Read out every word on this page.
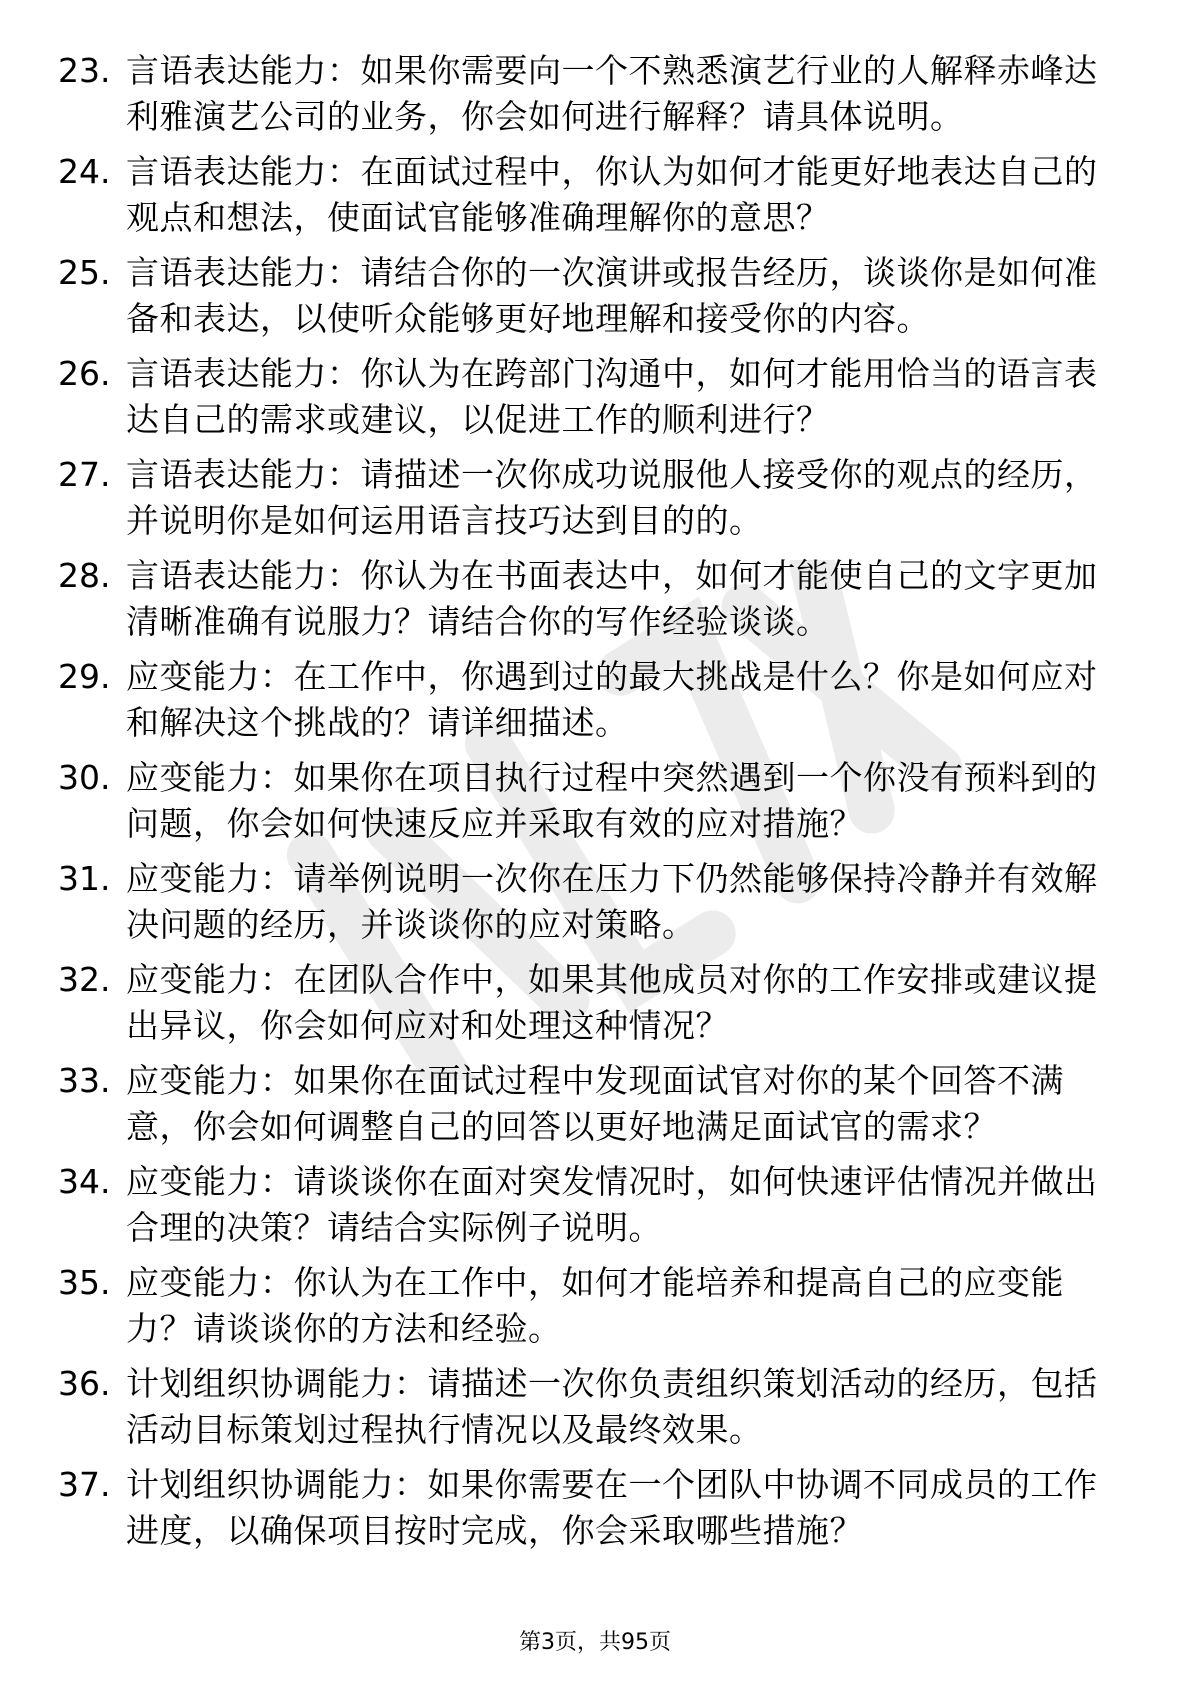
23. 言语表达能力：如果你需要向一个不熟悉演艺行业的人解释赤峰达利雅演艺公司的业务，你会如何进行解释？请具体说明。
24. 言语表达能力：在面试过程中，你认为如何才能更好地表达自己的观点和想法，使面试官能够准确理解你的意思？
25. 言语表达能力：请结合你的一次演讲或报告经历，谈谈你是如何准备和表达，以使听众能够更好地理解和接受你的内容。
26. 言语表达能力：你认为在跨部门沟通中，如何才能用恰当的语言表达自己的需求或建议，以促进工作的顺利进行？
27. 言语表达能力：请描述一次你成功说服他人接受你的观点的经历，并说明你是如何运用语言技巧达到目的的。
28. 言语表达能力：你认为在书面表达中，如何才能使自己的文字更加清晰准确有说服力？请结合你的写作经验谈谈。
29. 应变能力：在工作中，你遇到过的最大挑战是什么？你是如何应对和解决这个挑战的？请详细描述。
30. 应变能力：如果你在项目执行过程中突然遇到一个你没有预料到的问题，你会如何快速反应并采取有效的应对措施？
31. 应变能力：请举例说明一次你在压力下仍然能够保持冷静并有效解决问题的经历，并谈谈你的应对策略。
32. 应变能力：在团队合作中，如果其他成员对你的工作安排或建议提出异议，你会如何应对和处理这种情况？
33. 应变能力：如果你在面试过程中发现面试官对你的某个回答不满意，你会如何调整自己的回答以更好地满足面试官的需求？
34. 应变能力：请谈谈你在面对突发情况时，如何快速评估情况并做出合理的决策？请结合实际例子说明。
35. 应变能力：你认为在工作中，如何才能培养和提高自己的应变能力？请谈谈你的方法和经验。
36. 计划组织协调能力：请描述一次你负责组织策划活动的经历，包括活动目标策划过程执行情况以及最终效果。
37. 计划组织协调能力：如果你需要在一个团队中协调不同成员的工作进度，以确保项目按时完成，你会采取哪些措施？
第3页，共95页
